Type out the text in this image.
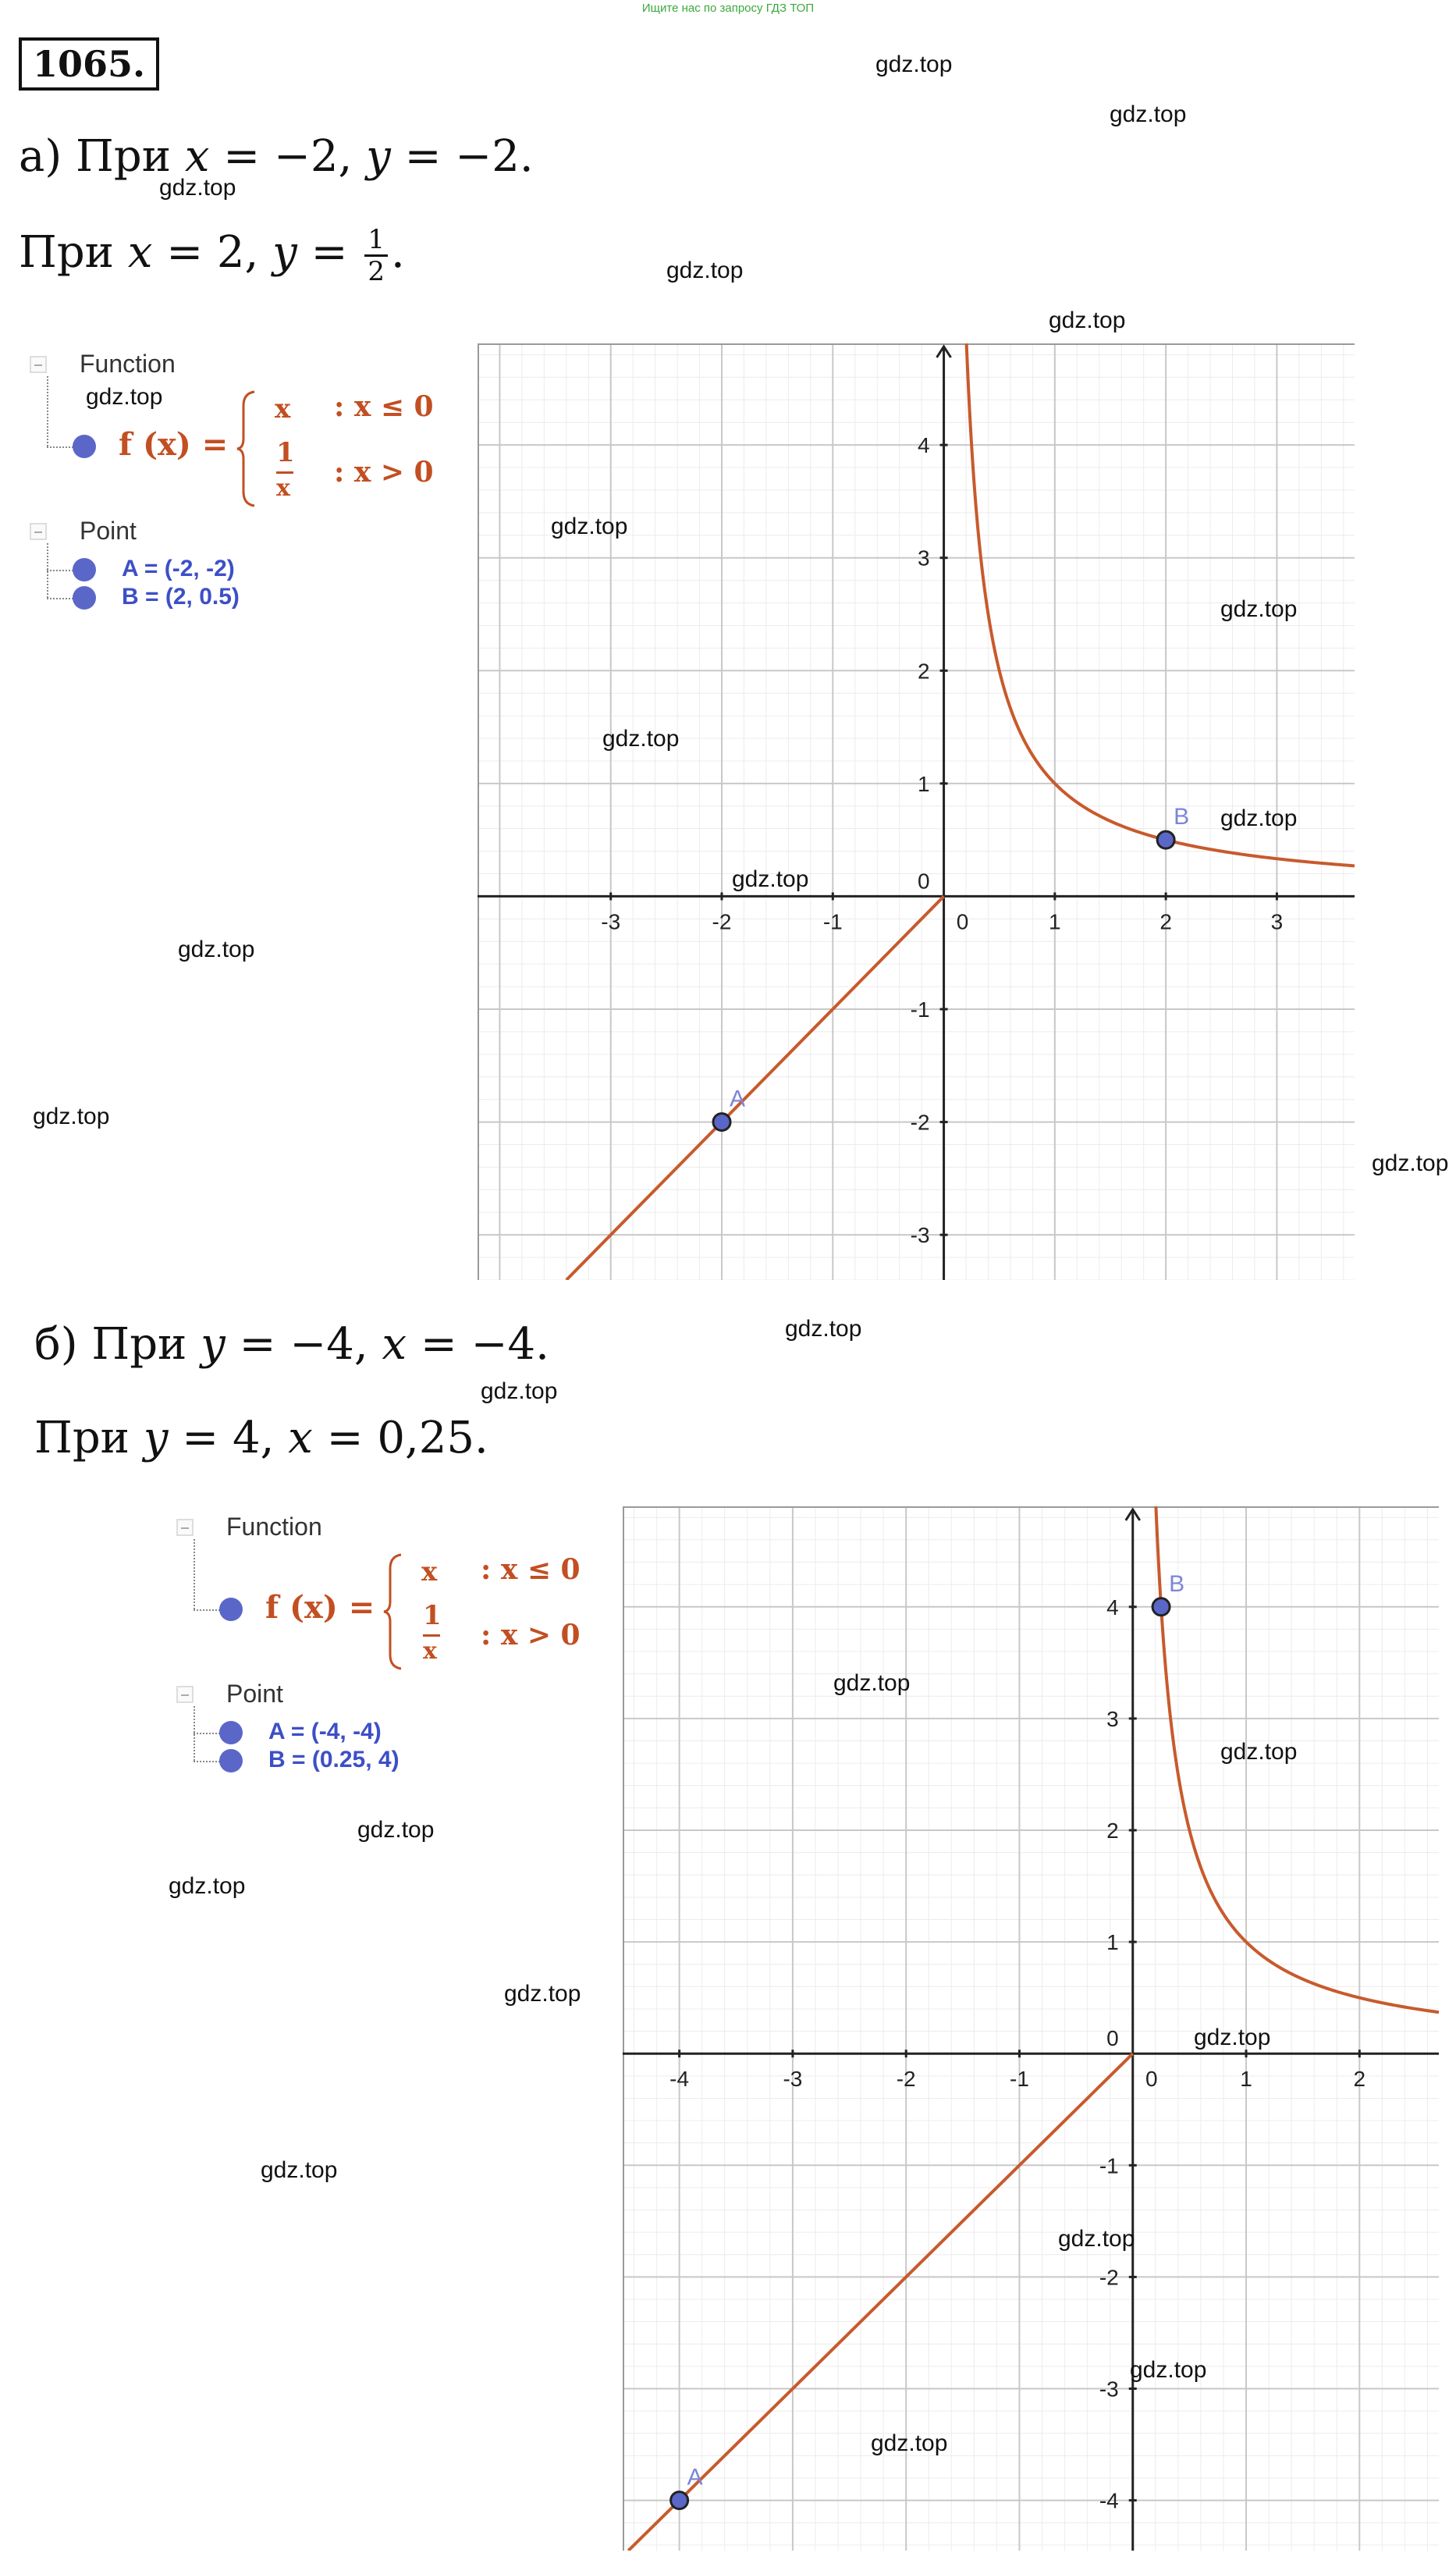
Ищите нас по запросу ГДЗ ТОП
1065.
а) При x = −2, y = −2.
При x = 2, $y = \frac{1}{2}$ .
б) При y = −4, x = −4.
При y = 4, x = 0,25.
Function
f (x) =
x : x ≤ 0
1
x : x > 0
Point
A = (-2, -2)
B = (2, 0.5)
Function
f (x) =
x : x ≤ 0
1
x : x > 0
Point
A = (-4, -4)
B = (0.25, 4)
-3	-2	-1	0	1	2	3
-3
-2
-1
1
2
3
4
0
A
B
-4	-3	-2	-1	0	1	2
-4
-3
-2
-1
1
2
3
4
0
A
B
gdz.top
gdz.top
gdz.top
gdz.top
gdz.top
gdz.top
gdz.top
gdz.top
gdz.top
gdz.top
gdz.top
gdz.top
gdz.top
gdz.top
gdz.top
gdz.top
gdz.top
gdz.top
gdz.top
gdz.top
gdz.top
gdz.top
gdz.top
gdz.top
gdz.top
gdz.top
